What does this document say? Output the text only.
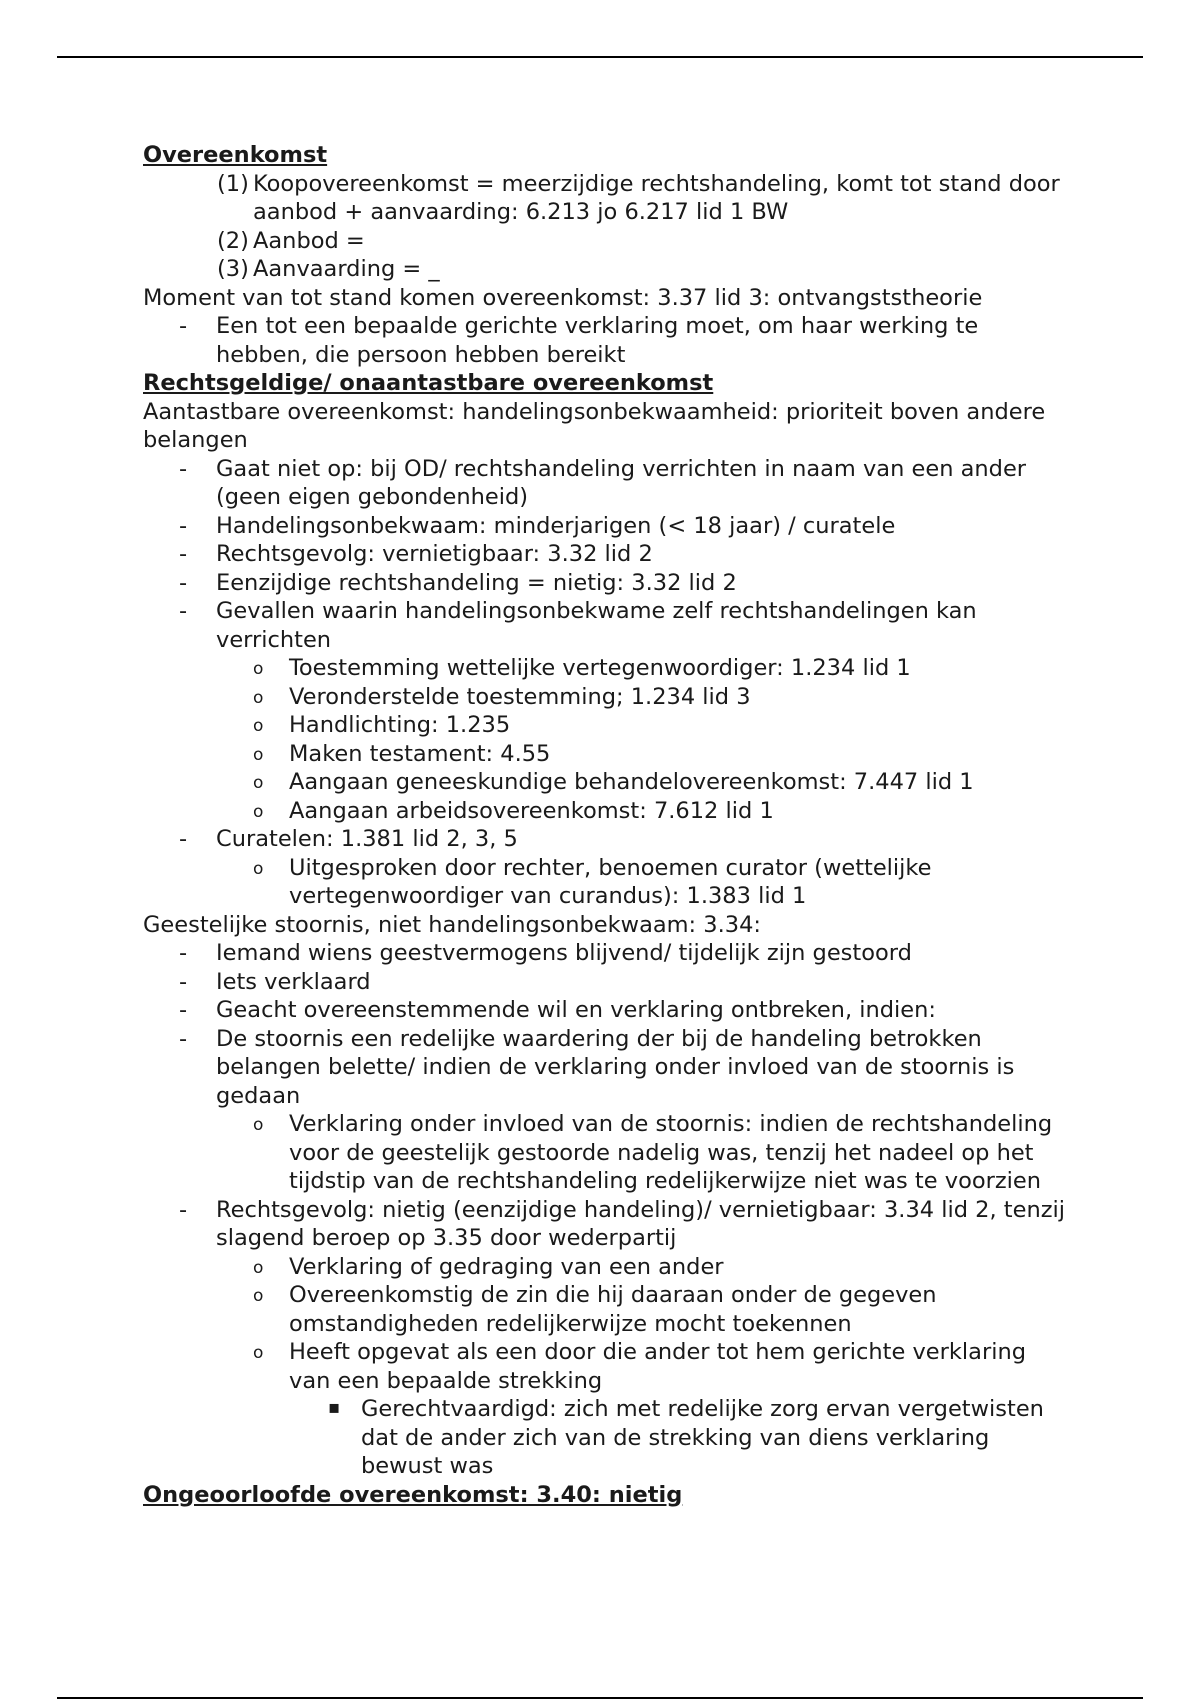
Overeenkomst
(1) Koopovereenkomst = meerzijdige rechtshandeling, komt tot stand door aanbod + aanvaarding: 6.213 jo 6.217 lid 1 BW
(2) Aanbod =
(3) Aanvaarding = _
Moment van tot stand komen overeenkomst: 3.37 lid 3: ontvangststheorie
- Een tot een bepaalde gerichte verklaring moet, om haar werking te hebben, die persoon hebben bereikt
Rechtsgeldige/ onaantastbare overeenkomst
Aantastbare overeenkomst: handelingsonbekwaamheid: prioriteit boven andere belangen
- Gaat niet op: bij OD/ rechtshandeling verrichten in naam van een ander (geen eigen gebondenheid)
- Handelingsonbekwaam: minderjarigen (< 18 jaar) / curatele
- Rechtsgevolg: vernietigbaar: 3.32 lid 2
- Eenzijdige rechtshandeling = nietig: 3.32 lid 2
- Gevallen waarin handelingsonbekwame zelf rechtshandelingen kan verrichten
o Toestemming wettelijke vertegenwoordiger: 1.234 lid 1
o Veronderstelde toestemming; 1.234 lid 3
o Handlichting: 1.235
o Maken testament: 4.55
o Aangaan geneeskundige behandelovereenkomst: 7.447 lid 1
o Aangaan arbeidsovereenkomst: 7.612 lid 1
- Curatelen: 1.381 lid 2, 3, 5
o Uitgesproken door rechter, benoemen curator (wettelijke vertegenwoordiger van curandus): 1.383 lid 1
Geestelijke stoornis, niet handelingsonbekwaam: 3.34:
- Iemand wiens geestvermogens blijvend/ tijdelijk zijn gestoord
- Iets verklaard
- Geacht overeenstemmende wil en verklaring ontbreken, indien:
- De stoornis een redelijke waardering der bij de handeling betrokken belangen belette/ indien de verklaring onder invloed van de stoornis is gedaan
o Verklaring onder invloed van de stoornis: indien de rechtshandeling voor de geestelijk gestoorde nadelig was, tenzij het nadeel op het tijdstip van de rechtshandeling redelijkerwijze niet was te voorzien
- Rechtsgevolg: nietig (eenzijdige handeling)/ vernietigbaar: 3.34 lid 2, tenzij slagend beroep op 3.35 door wederpartij
o Verklaring of gedraging van een ander
o Overeenkomstig de zin die hij daaraan onder de gegeven omstandigheden redelijkerwijze mocht toekennen
o Heeft opgevat als een door die ander tot hem gerichte verklaring van een bepaalde strekking
▪ Gerechtvaardigd: zich met redelijke zorg ervan vergetwisten dat de ander zich van de strekking van diens verklaring bewust was
Ongeoorloofde overeenkomst: 3.40: nietig
